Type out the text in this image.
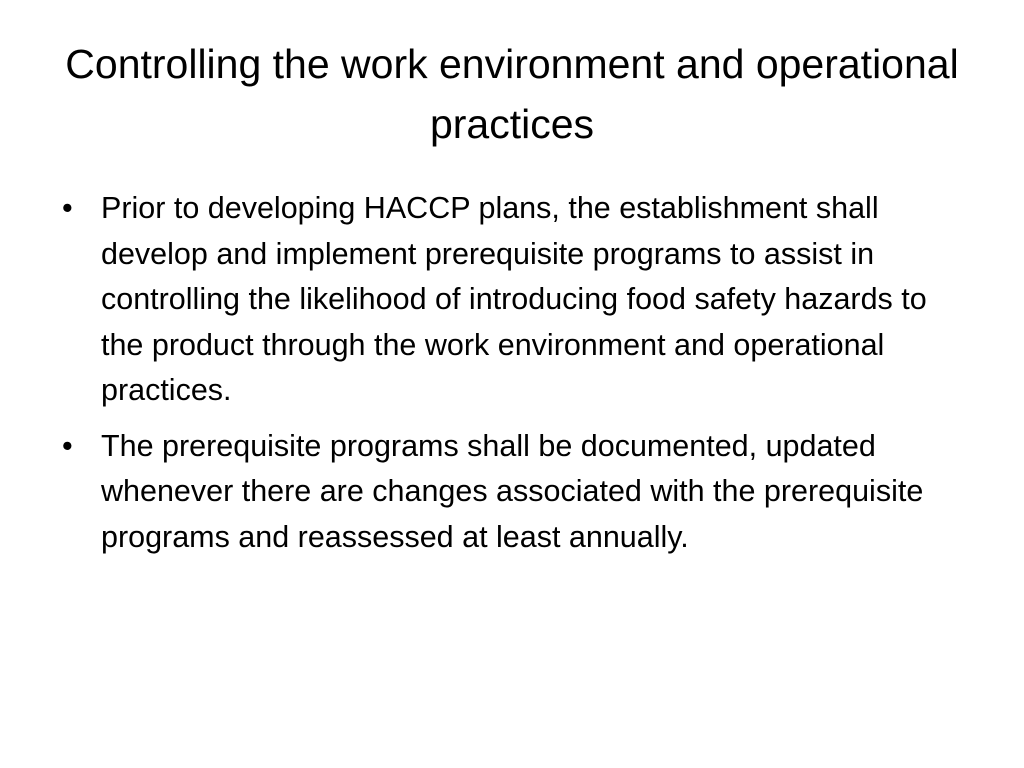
Controlling the work environment and operational practices
• Prior to developing HACCP plans, the establishment shall develop and implement prerequisite programs to assist in controlling the likelihood of introducing food safety hazards to the product through the work environment and operational practices.
• The prerequisite programs shall be documented, updated whenever there are changes associated with the prerequisite programs and reassessed at least annually.
